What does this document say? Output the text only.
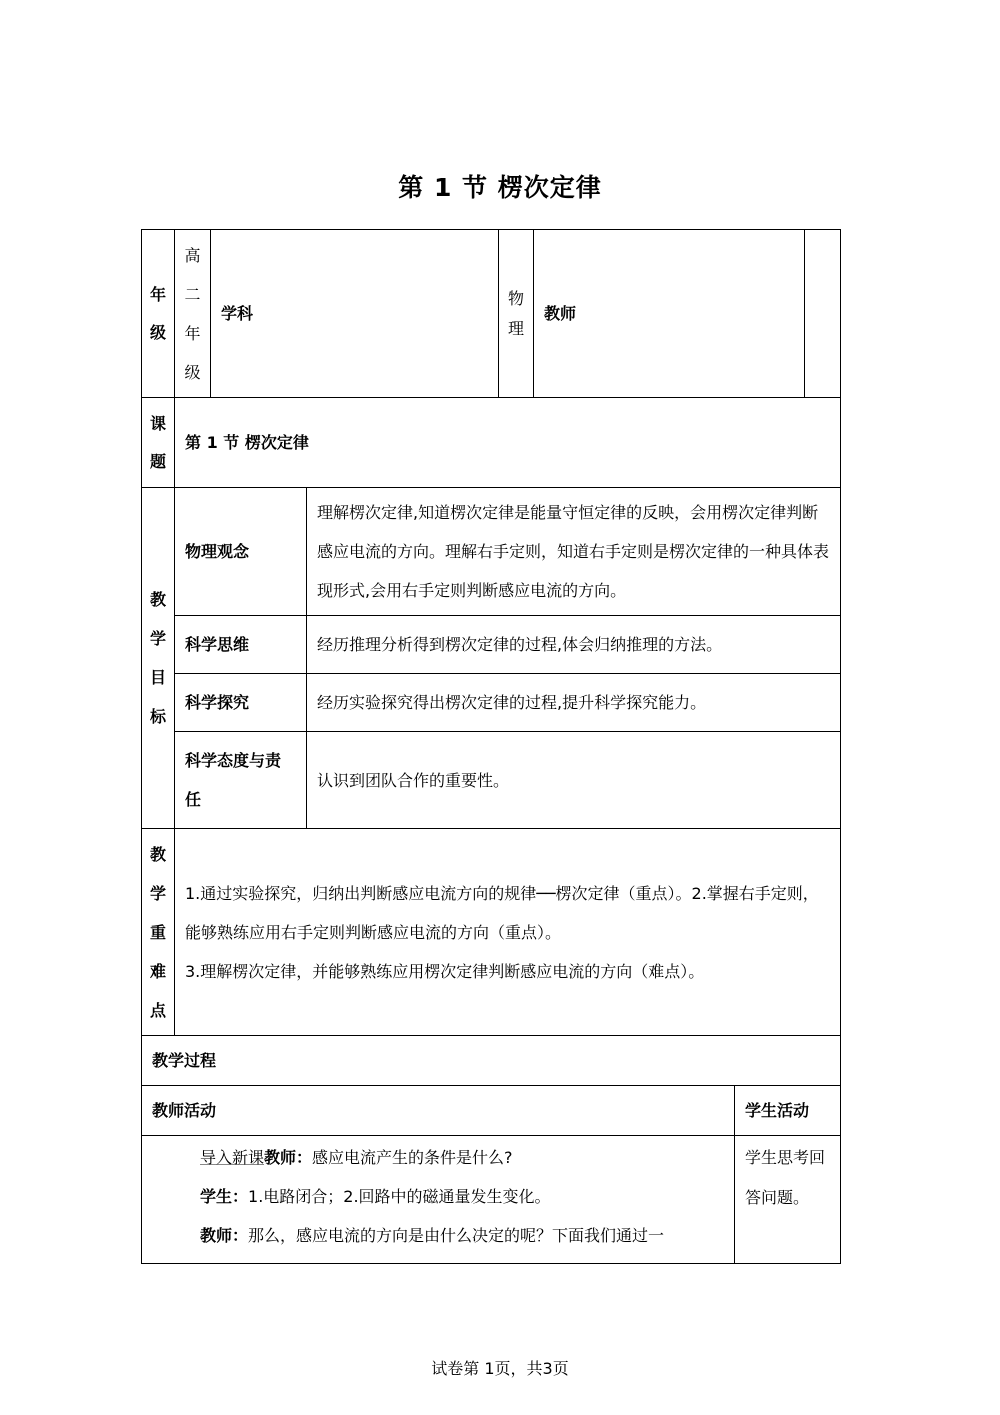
第 1 节 楞次定律
年级	高二年级	学科		物理	教师		

课题	第 1 节 楞次定律						

教学目标	物理观念		理解楞次定律,知道楞次定律是能量守恒定律的反映，会用楞次定律判断感应电流的方向。理解右手定则，知道右手定则是楞次定律的一种具体表现形式,会用右手定则判断感应电流的方向。				
	科学思维		经历推理分析得到楞次定律的过程,体会归纳推理的方法。				
	科学探究		经历实验探究得出楞次定律的过程,提升科学探究能力。				
	科学态度与责任		认识到团队合作的重要性。				

教学重难点	1.通过实验探究，归纳出判断感应电流方向的规律──楞次定律（重点）。2.掌握右手定则，能够熟练应用右手定则判断感应电流的方向（重点）。
3.理解楞次定律，并能够熟练应用楞次定律判断感应电流的方向（难点）。						

教学过程							
教师活动						学生活动	

导入新课教师：感应电流产生的条件是什么?

学生：1.电路闭合；2.回路中的磁通量发生变化。

教师：那么，感应电流的方向是由什么决定的呢？下面我们通过一						学生思考回答问题。	
试卷第 1页，共3页
